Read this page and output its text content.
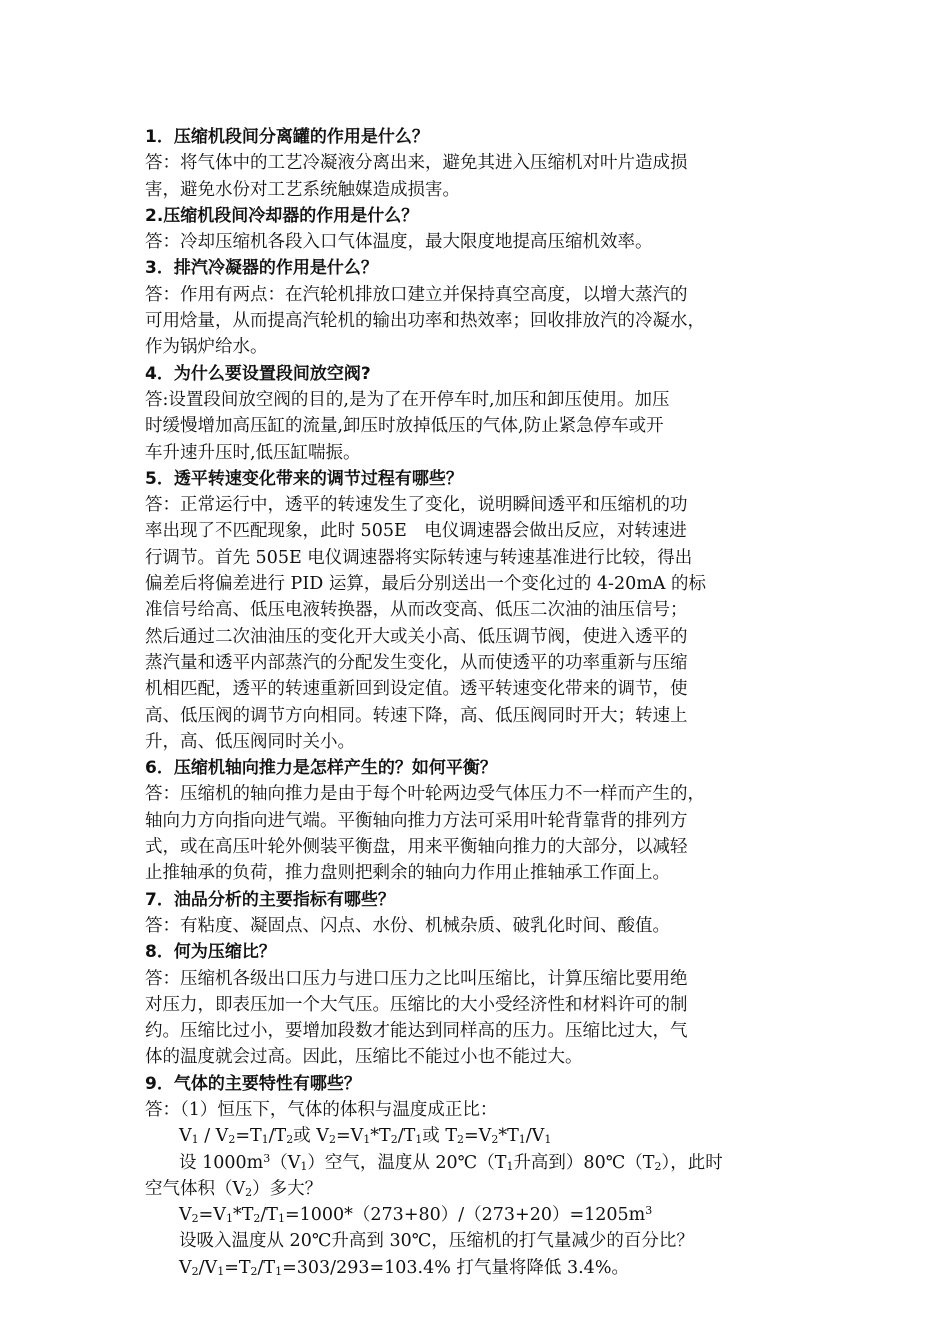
1．压缩机段间分离罐的作用是什么？
答：将气体中的工艺冷凝液分离出来，避免其进入压缩机对叶片造成损
害，避免水份对工艺系统触媒造成损害。
2.压缩机段间冷却器的作用是什么？
答：冷却压缩机各段入口气体温度，最大限度地提高压缩机效率。
3．排汽冷凝器的作用是什么？
答：作用有两点：在汽轮机排放口建立并保持真空高度，以增大蒸汽的
可用焓量，从而提高汽轮机的输出功率和热效率；回收排放汽的冷凝水，
作为锅炉给水。
4．为什么要设置段间放空阀?
答:设置段间放空阀的目的,是为了在开停车时,加压和卸压使用。加压
时缓慢增加高压缸的流量,卸压时放掉低压的气体,防止紧急停车或开
车升速升压时,低压缸喘振。
5．透平转速变化带来的调节过程有哪些？
答：正常运行中，透平的转速发生了变化，说明瞬间透平和压缩机的功
率出现了不匹配现象，此时 505E　电仪调速器会做出反应，对转速进
行调节。首先 505E 电仪调速器将实际转速与转速基准进行比较，得出
偏差后将偏差进行 PID 运算，最后分别送出一个变化过的 4-20mA 的标
准信号给高、低压电液转换器，从而改变高、低压二次油的油压信号；
然后通过二次油油压的变化开大或关小高、低压调节阀，使进入透平的
蒸汽量和透平内部蒸汽的分配发生变化，从而使透平的功率重新与压缩
机相匹配，透平的转速重新回到设定值。透平转速变化带来的调节，使
高、低压阀的调节方向相同。转速下降，高、低压阀同时开大；转速上
升，高、低压阀同时关小。
6．压缩机轴向推力是怎样产生的？如何平衡？
答：压缩机的轴向推力是由于每个叶轮两边受气体压力不一样而产生的，
轴向力方向指向进气端。平衡轴向推力方法可采用叶轮背靠背的排列方
式，或在高压叶轮外侧装平衡盘，用来平衡轴向推力的大部分，以减轻
止推轴承的负荷，推力盘则把剩余的轴向力作用止推轴承工作面上。
7．油品分析的主要指标有哪些？
答：有粘度、凝固点、闪点、水份、机械杂质、破乳化时间、酸值。
8．何为压缩比？
答：压缩机各级出口压力与进口压力之比叫压缩比，计算压缩比要用绝
对压力，即表压加一个大气压。压缩比的大小受经济性和材料许可的制
约。压缩比过小，要增加段数才能达到同样高的压力。压缩比过大，气
体的温度就会过高。因此，压缩比不能过小也不能过大。
9．气体的主要特性有哪些？
答：（1）恒压下，气体的体积与温度成正比：
$V_1 / V_2=T_1/T_2$或 $V_2=V_1*T_2/T_1$或 $T_2=V_2*T_1/V_1$
设 $1000m^3(V_1)$空气，温度从 $20℃(T_1$升高到）$80℃(T_2)$，此时
空气体积$(V_2)$多大？
$V_2=V_1*T_2/T_1=1000*(273+80)/(273+20)=1205m^3$
设吸入温度从 20℃升高到 30℃，压缩机的打气量减少的百分比？
$V_2/V_1=T_2/T_1=303/293=103.4\%$ 打气量将降低 3.4%。
